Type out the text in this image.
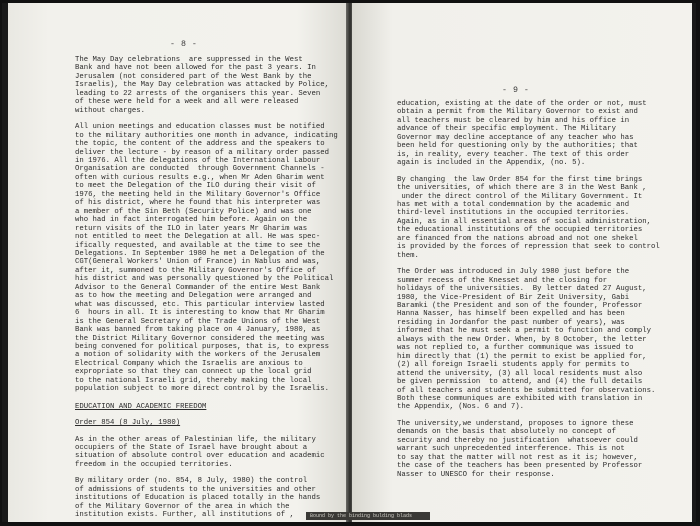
- 8 -

The May Day celebrations  are suppressed in the West

Bank and have not been allowed for the past 3 years. In

Jerusalem (not considered part of the West Bank by the

Israelis), the May Day celebration was attacked by Police,

leading to 22 arrests of the organisers this year. Seven

of these were held for a week and all were released

without charges.

All union meetings and education classes must be notified

to the military authorities one month in advance, indicating

the topic, the content of the address and the speakers to

deliver the lecture - by reason of a military order passed

in 1976. All the delegations of the International Labour

Organisation are conducted  through Government Channels -

often with curious results e.g., when Mr Aden Gharim went

to meet the Delegation of the ILO during their visit of

1976, the meeting held in the Military Governor's Office

of his district, where he found that his interpreter was

a member of the Sin Beth (Security Police) and was one

who had in fact interrogated him before. Again on the

return visits of the ILO in later years Mr Gharim was

not entitled to meet the Delegation at all. He was spec-

ifically requested, and available at the time to see the

Delegations. In September 1980 he met a Delegation of the

CGT(General Workers' Union of France) in Nablus and was,

after it, summoned to the Military Governor's Office of

his district and was personally questioned by the Political

Advisor to the General Commander of the entire West Bank

as to how the meeting and Delegation were arranged and

what was discussed, etc. This particular interview lasted

6  hours in all. It is interesting to know that Mr Gharim

is the General Secretary of the Trade Unions of the West

Bank was banned from taking place on 4 January, 1980, as

the District Military Governor considered the meeting was

being convened for political purposes, that is, to express

a motion of solidarity with the workers of the Jerusalem

Electrical Company which the Israelis are anxious to

expropriate so that they can connect up the local grid

to the national Israeli grid, thereby making the local

population subject to more direct control by the Israelis.

EDUCATION AND ACADEMIC FREEDOM

Order 854 (8 July, 1980)

As in the other areas of Palestinian life, the military

occupiers of the State of Israel have brought about a

situation of absolute control over education and academic

freedom in the occupied territories.

By military order (no. 854, 8 July, 1980) the control

of admissions of students to the universities and other

institutions of Education is placed totally in the hands

of the Military Governor of the area in which the

institution exists. Further, all institutions of ,

- 9 -

education, existing at the date of the order or not, must

obtain a permit from the Military Governor to exist and

all teachers must be cleared by him and his office in

advance of their specific employment. The Military

Governor may decline acceptance of any teacher who has

been held for questioning only by the authorities; that

is, in reality, every teacher. The text of this order

again is included in the Appendix, (no. 5).

By changing  the law Order 854 for the first time brings

the universities, of which there are 3 in the West Bank ,

under the direct control of the Military Government. It

has met with a total condemnation by the academic and

third-level institutions in the occupied territories.

Again, as in all essential areas of social administration,

the educational institutions of the occupied territories

are financed from the nations abroad and not one shekel

is provided by the forces of repression that seek to control

them.

The Order was introduced in July 1980 just before the

summer recess of the Knesset and the closing for

holidays of the universities.  By letter dated 27 August,

1980, the Vice-President of Bir Zeit University, Gabi

Baramki (the President and son of the founder, Professor

Hanna Nasser, has himself been expelled and has been

residing in Jordanfor the past number of years), was

informed that he must seek a permit to function and comply

always with the new Order. When, by 8 October, the letter

was not replied to, a further communique was issued to

him directly that (1) the permit to exist be applied for,

(2) all foreign Israeli students apply for permits to

attend the university, (3) all local residents must also

be given permission  to attend, and (4) the full details

of all teachers and students be submitted for observations.

Both these communiques are exhibited with translation in

the Appendix, (Nos. 6 and 7).

The university,we understand, proposes to ignore these

demands on the basis that absolutely no concept of

security and thereby no justification  whatsoever could

warrant such unprecedented interference. This is not

to say that the matter will not rest as it is; however,

the case of the teachers has been presented by Professor

Nasser to UNESCO for their response.

Bound by the binding bulding blads
